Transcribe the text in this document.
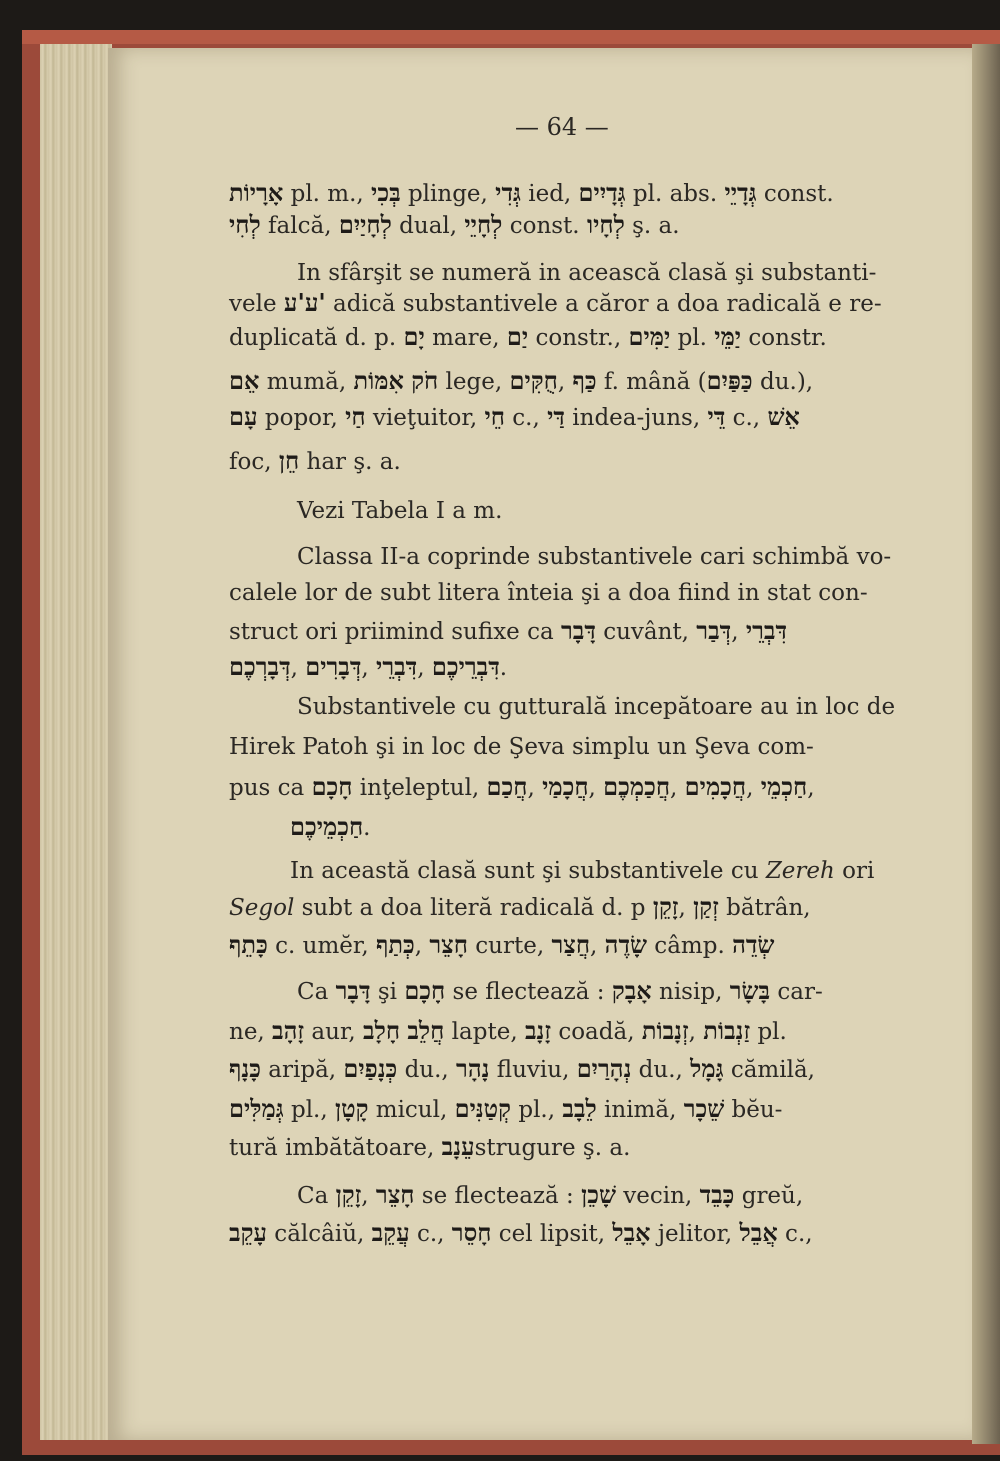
— 64 —
אָרָיוֹת pl. m., בְּכִי plinge, גְּדִי ied, גְּדָיִים pl. abs. גְּדָיֵי const.
לְחִי falcă, לְחָיַיִם dual, לְחָיֵי const. לְחָיו ş. a.
In sfârşit se numeră in acească clasă şi substanti-
vele 'ע'ע adică substantivele a căror a doa radicală e re-
duplicată d. p. יָם mare, יַם constr., יַמִּים pl. יַמֵּי constr.
אֵם mumă, אִמּוֹת חֹק lege, חֻקִּים, כַּף f. mână (כַּפַּיִם du.),
עָם popor, חַי vieţuitor, חֵי c., דַּי indea-juns, דֵּי c., אֵשׁ
foc, חֵן har ş. a.
Vezi Tabela I a m.
Classa II-a coprinde substantivele cari schimbă vo-
calele lor de subt litera înteia şi a doa fiind in stat con-
struct ori priimind sufixe ca דָּבָר cuvânt, דְּבַר, דִּבְרֵי
דְּבָרְכֶם, דְּבָרִים, דִּבְרֵי, דִּבְרֵיכֶם.
Substantivele cu gutturală incepătoare au in loc de
Hirek Patoh şi in loc de Şeva simplu un Şeva com-
pus ca חָכָם inţeleptul, חֲכַם, חֲכָמַי, חֲכַמְכֶם, חֲכָמִים, חַכְמֵי,
חַכְמֵיכֶם.
In această clasă sunt şi substantivele cu Zereh ori
Segol subt a doa literă radicală d. p זָקֵן, זְקַן bătrân,
כָּתֵף c. umĕr, כְּתַף, חָצֵר curte, חֲצַר, שָׂדֶה câmp. שְׂדֵה
Ca דָּבָר şi חָכָם se flectează : אָבָק nisip, בָּשָׂר car-
ne, זָהָב aur, חָלָב חֲלֵב lapte, זָנָב coadă, זְנָבוֹת, זַנְבוֹת pl.
כָּנָף aripă, כְּנָפַיִם du., נָהָר fluviu, נְהָרַיִם du., גָּמָל cămilă,
גְּמַלִּים pl., קָטָן micul, קְטַנִּים pl., לֵבָב inimă, שֵׁכָר bĕu-
tură imbătătoare, עֵנָבstrugure ş. a.
Ca זָקֵן, חָצֵר se flectează : שָׁכֵן vecin, כָּבֵד greŭ,
עָקֵב călcâiŭ, עֲקֵב c., חָסֵר cel lipsit, אָבֵל jelitor, אֲבֵל c.,
